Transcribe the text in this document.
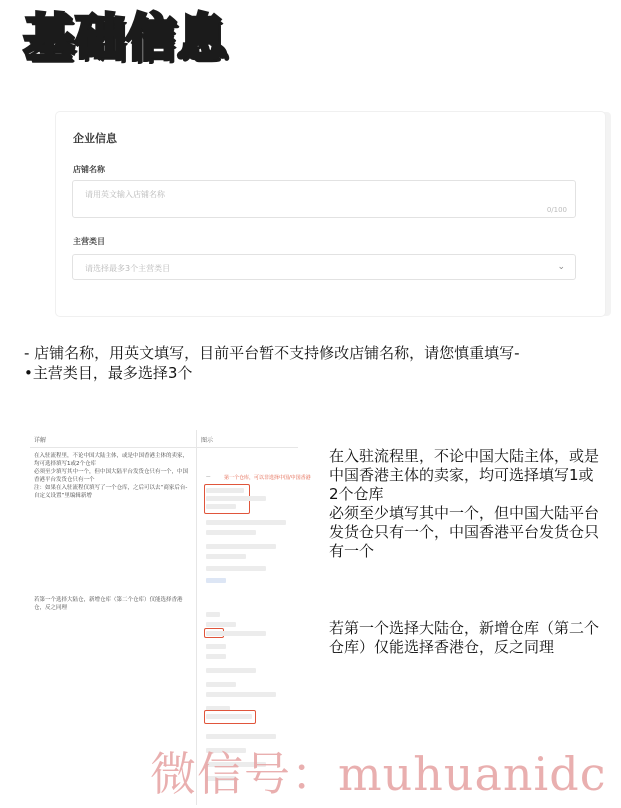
基础信息
企业信息
店铺名称
请用英文输入店铺名称
0/100
主营类目
请选择最多3个主营类目	⌄
- 店铺名称，用英文填写，目前平台暂不支持修改店铺名称，请您慎重填写-
•主营类目，最多选择3个
详解	图示
在入驻流程里，不论中国大陆主体，或是中国香港主体的卖家，均可选择填写1或2个仓库
必须至少填写其中一个，但中国大陆平台发货仓只有一个，中国香港平台发货仓只有一个
注：如果在入驻流程仅填写了一个仓库，之后可以去“商家后台-自定义设置”里编辑新增
—	第一个仓库，可以非选择中国/中国香港
在入驻流程里，不论中国大陆主体，或是中国香港主体的卖家，均可选择填写1或2个仓库
必须至少填写其中一个，但中国大陆平台发货仓只有一个，中国香港平台发货仓只有一个
若第一个选择大陆仓，新增仓库（第二个仓库）仅能选择香港仓，反之同理
若第一个选择大陆仓，新增仓库（第二个仓库）仅能选择香港仓，反之同理
微信号：muhuanidc
